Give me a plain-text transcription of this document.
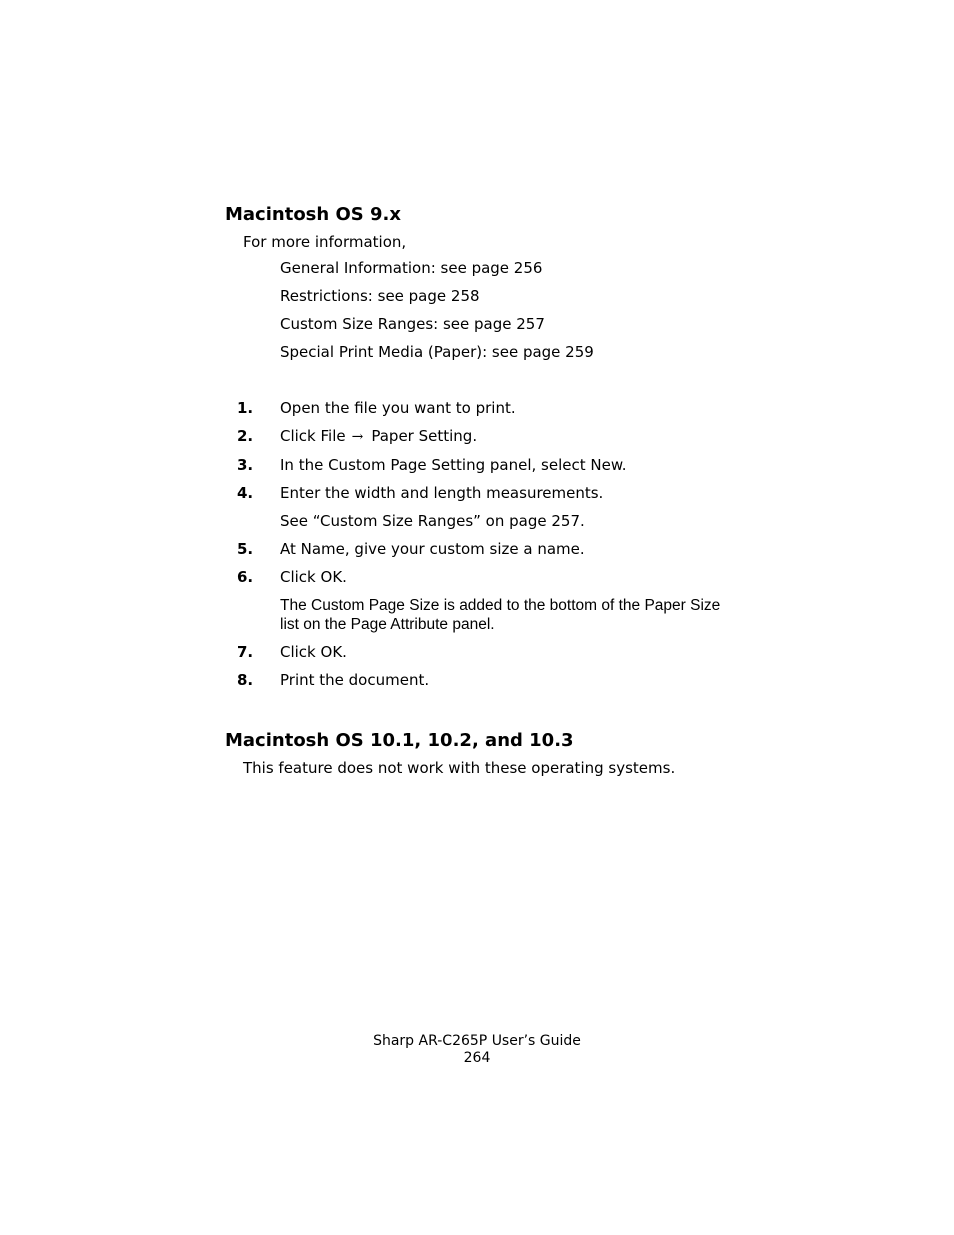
Macintosh OS 9.x
For more information,
General Information: see page 256
Restrictions: see page 258
Custom Size Ranges: see page 257
Special Print Media (Paper): see page 259
1. Open the file you want to print.
2. Click File → Paper Setting.
3. In the Custom Page Setting panel, select New.
4. Enter the width and length measurements.
See “Custom Size Ranges” on page 257.
5. At Name, give your custom size a name.
6. Click OK.
The Custom Page Size is added to the bottom of the Paper Size list on the Page Attribute panel.
7. Click OK.
8. Print the document.
Macintosh OS 10.1, 10.2, and 10.3
This feature does not work with these operating systems.
Sharp AR-C265P User’s Guide
264
